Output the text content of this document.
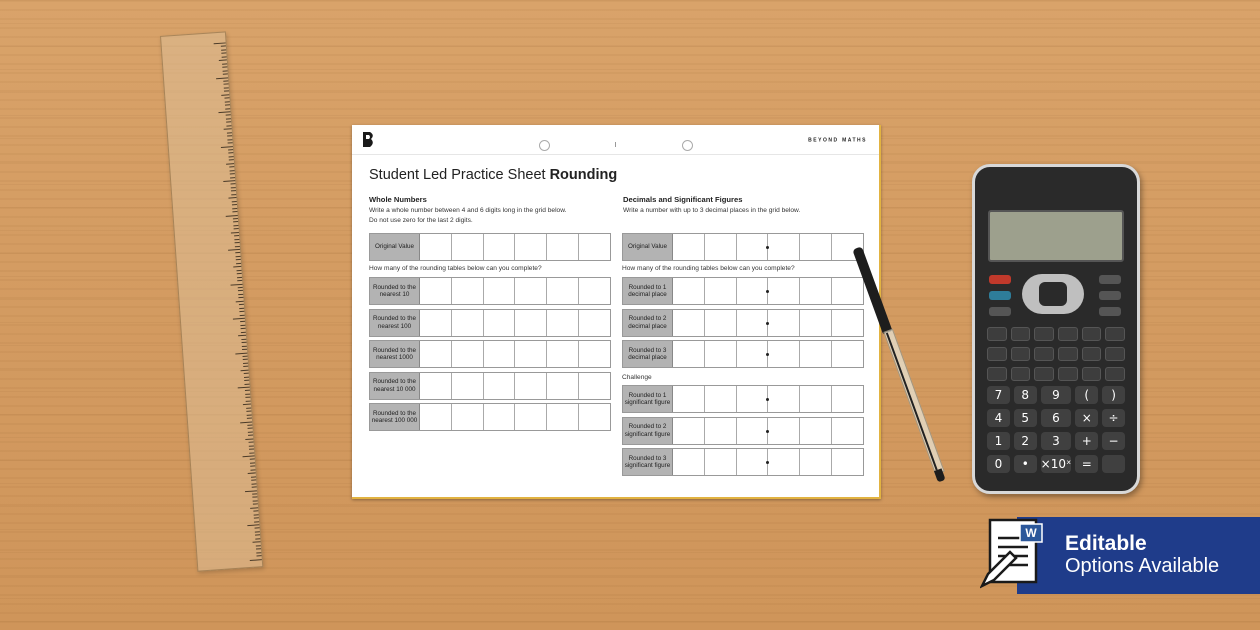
BEYOND MATHS
Student Led Practice Sheet Rounding
Whole Numbers
Write a whole number between 4 and 6 digits long in the grid below.
Do not use zero for the last 2 digits.
Original Value
How many of the rounding tables below can you complete?
Rounded to the nearest 10
Rounded to the nearest 100
Rounded to the nearest 1000
Rounded to the nearest 10 000
Rounded to the nearest 100 000
Decimals and Significant Figures
Write a number with up to 3 decimal places in the grid below.
Original Value
How many of the rounding tables below can you complete?
Rounded to 1 decimal place
Rounded to 2 decimal place
Rounded to 3 decimal place
Challenge
Rounded to 1 significant figure
Rounded to 2 significant figure
Rounded to 3 significant figure
7	8	9	(	)
4	5	6	×	÷
1	2	3	+	−
0	• ×10ˣ =
Editable
Options Available
W
